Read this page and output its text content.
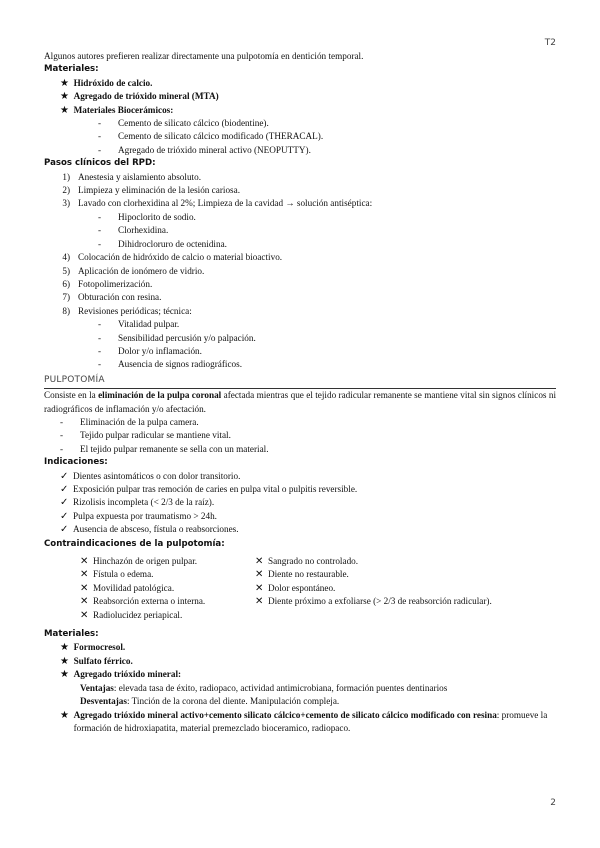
T2
Algunos autores prefieren realizar directamente una pulpotomía en dentición temporal.
Materiales:
★
Hidróxido de calcio.
★
Agregado de trióxido mineral (MTA)
★
Materiales Biocerámicos:
-	Cemento de silicato cálcico (biodentine).
-	Cemento de silicato cálcico modificado (THERACAL).
-	Agregado de trióxido mineral activo (NEOPUTTY).
Pasos clínicos del RPD:
1) Anestesia y aislamiento absoluto.
2) Limpieza y eliminación de la lesión cariosa.
3) Lavado con clorhexidina al 2%; Limpieza de la cavidad → solución antiséptica:
-	Hipoclorito de sodio.
-	Clorhexidina.
-	Dihidrocloruro de octenidina.
4) Colocación de hidróxido de calcio o material bioactivo.
5) Aplicación de ionómero de vidrio.
6) Fotopolimerización.
7) Obturación con resina.
8) Revisiones periódicas; técnica:
-	Vitalidad pulpar.
-	Sensibilidad percusión y/o palpación.
-	Dolor y/o inflamación.
-	Ausencia de signos radiográficos.
PULPOTOMÍA
Consiste en la eliminación de la pulpa coronal afectada mientras que el tejido radicular remanente se mantiene vital sin signos clínicos ni radiográficos de inflamación y/o afectación.
-	Eliminación de la pulpa camera.
-	Tejido pulpar radicular se mantiene vital.
-	El tejido pulpar remanente se sella con un material.
Indicaciones:
✓
Dientes asintomáticos o con dolor transitorio.
✓
Exposición pulpar tras remoción de caries en pulpa vital o pulpitis reversible.
✓
Rizolisis incompleta (< 2/3 de la raíz).
✓
Pulpa expuesta por traumatismo > 24h.
✓
Ausencia de absceso, fístula o reabsorciones.
Contraindicaciones de la pulpotomía:
✕ Hinchazón de origen pulpar.
✕ Fístula o edema.
✕ Movilidad patológica.
✕ Reabsorción externa o interna.
✕ Radiolucidez periapical.
✕ Sangrado no controlado.
✕ Diente no restaurable.
✕ Dolor espontáneo.
✕ Diente próximo a exfoliarse (> 2/3 de reabsorción radicular).
Materiales:
★
Formocresol.
★
Sulfato férrico.
★
Agregado trióxido mineral:
Ventajas: elevada tasa de éxito, radiopaco, actividad antimicrobiana, formación puentes dentinarios
Desventajas: Tinción de la corona del diente. Manipulación compleja.
★
Agregado trióxido mineral activo+cemento silicato cálcico+cemento de silicato cálcico modificado con resina: promueve la formación de hidroxiapatita, material premezclado bioceramico, radiopaco.
2
